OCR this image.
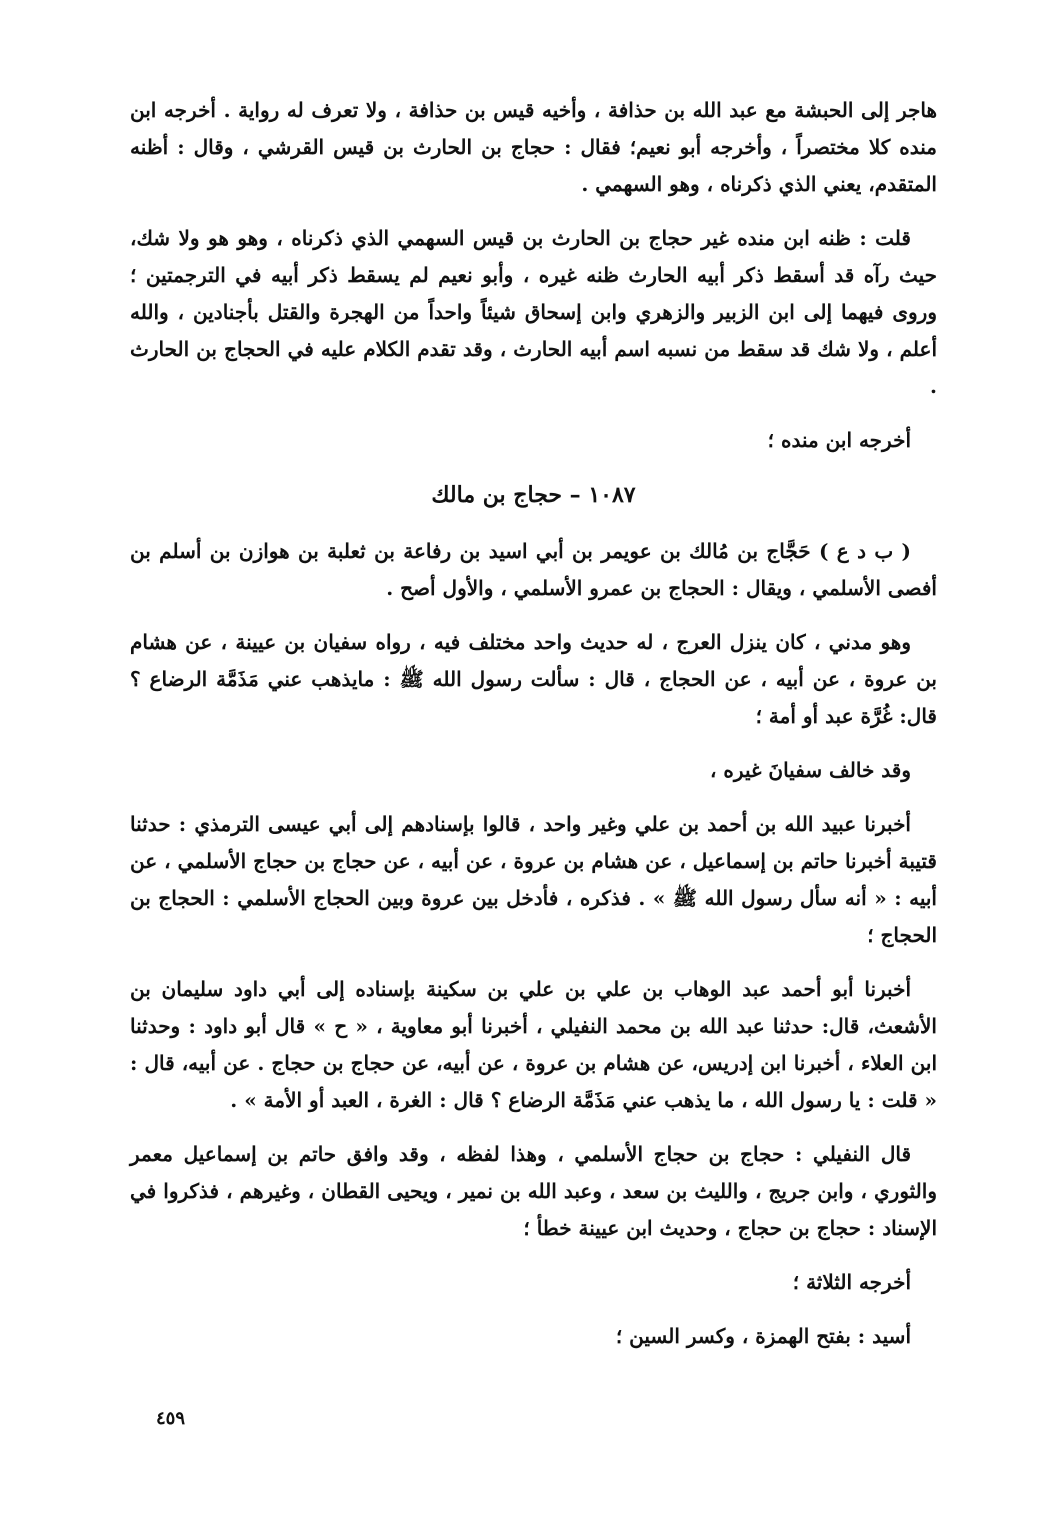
هاجر إلى الحبشة مع عبد الله بن حذافة ، وأخيه قيس بن حذافة ، ولا تعرف له رواية . أخرجه ابن منده كلا مختصراً ، وأخرجه أبو نعيم؛ فقال : حجاج بن الحارث بن قيس القرشي ، وقال : أظنه المتقدم، يعني الذي ذكرناه ، وهو السهمي .

قلت : ظنه ابن منده غير حجاج بن الحارث بن قيس السهمي الذي ذكرناه ، وهو هو ولا شك، حيث رآه قد أسقط ذكر أبيه الحارث ظنه غيره ، وأبو نعيم لم يسقط ذكر أبيه في الترجمتين ؛ وروى فيهما إلى ابن الزبير والزهري وابن إسحاق شيئاً واحداً من الهجرة والقتل بأجنادين ، والله أعلم ، ولا شك قد سقط من نسبه اسم أبيه الحارث ، وقد تقدم الكلام عليه في الحجاج بن الحارث .

أخرجه ابن منده ؛

١٠٨٧ – حجاج بن مالك

( ب د ع ) حَجَّاج بن مُالك بن عويمر بن أبي اسيد بن رفاعة بن ثعلبة بن هوازن بن أسلم بن أفصى الأسلمي ، ويقال : الحجاج بن عمرو الأسلمي ، والأول أصح .

وهو مدني ، كان ينزل العرج ، له حديث واحد مختلف فيه ، رواه سفيان بن عيينة ، عن هشام بن عروة ، عن أبيه ، عن الحجاج ، قال : سألت رسول الله ﷺ : مايذهب عني مَذَمَّة الرضاع ؟ قال: غُرَّة عبد أو أمة ؛

وقد خالف سفيانَ غيره ،

أخبرنا عبيد الله بن أحمد بن علي وغير واحد ، قالوا بإسنادهم إلى أبي عيسى الترمذي : حدثنا قتيبة أخبرنا حاتم بن إسماعيل ، عن هشام بن عروة ، عن أبيه ، عن حجاج بن حجاج الأسلمي ، عن أبيه : « أنه سأل رسول الله ﷺ » . فذكره ، فأدخل بين عروة وبين الحجاج الأسلمي : الحجاج بن الحجاج ؛

أخبرنا أبو أحمد عبد الوهاب بن علي بن علي بن سكينة بإسناده إلى أبي داود سليمان بن الأشعث، قال: حدثنا عبد الله بن محمد النفيلي ، أخبرنا أبو معاوية ، « ح » قال أبو داود : وحدثنا ابن العلاء ، أخبرنا ابن إدريس، عن هشام بن عروة ، عن أبيه، عن حجاج بن حجاج . عن أبيه، قال : « قلت : يا رسول الله ، ما يذهب عني مَذَمَّة الرضاع ؟ قال : الغرة ، العبد أو الأمة » .

قال النفيلي : حجاج بن حجاج الأسلمي ، وهذا لفظه ، وقد وافق حاتم بن إسماعيل معمر والثوري ، وابن جريج ، والليث بن سعد ، وعبد الله بن نمير ، ويحيى القطان ، وغيرهم ، فذكروا في الإسناد : حجاج بن حجاج ، وحديث ابن عيينة خطأ ؛

أخرجه الثلاثة ؛

أسيد : بفتح الهمزة ، وكسر السين ؛

٤٥٩
